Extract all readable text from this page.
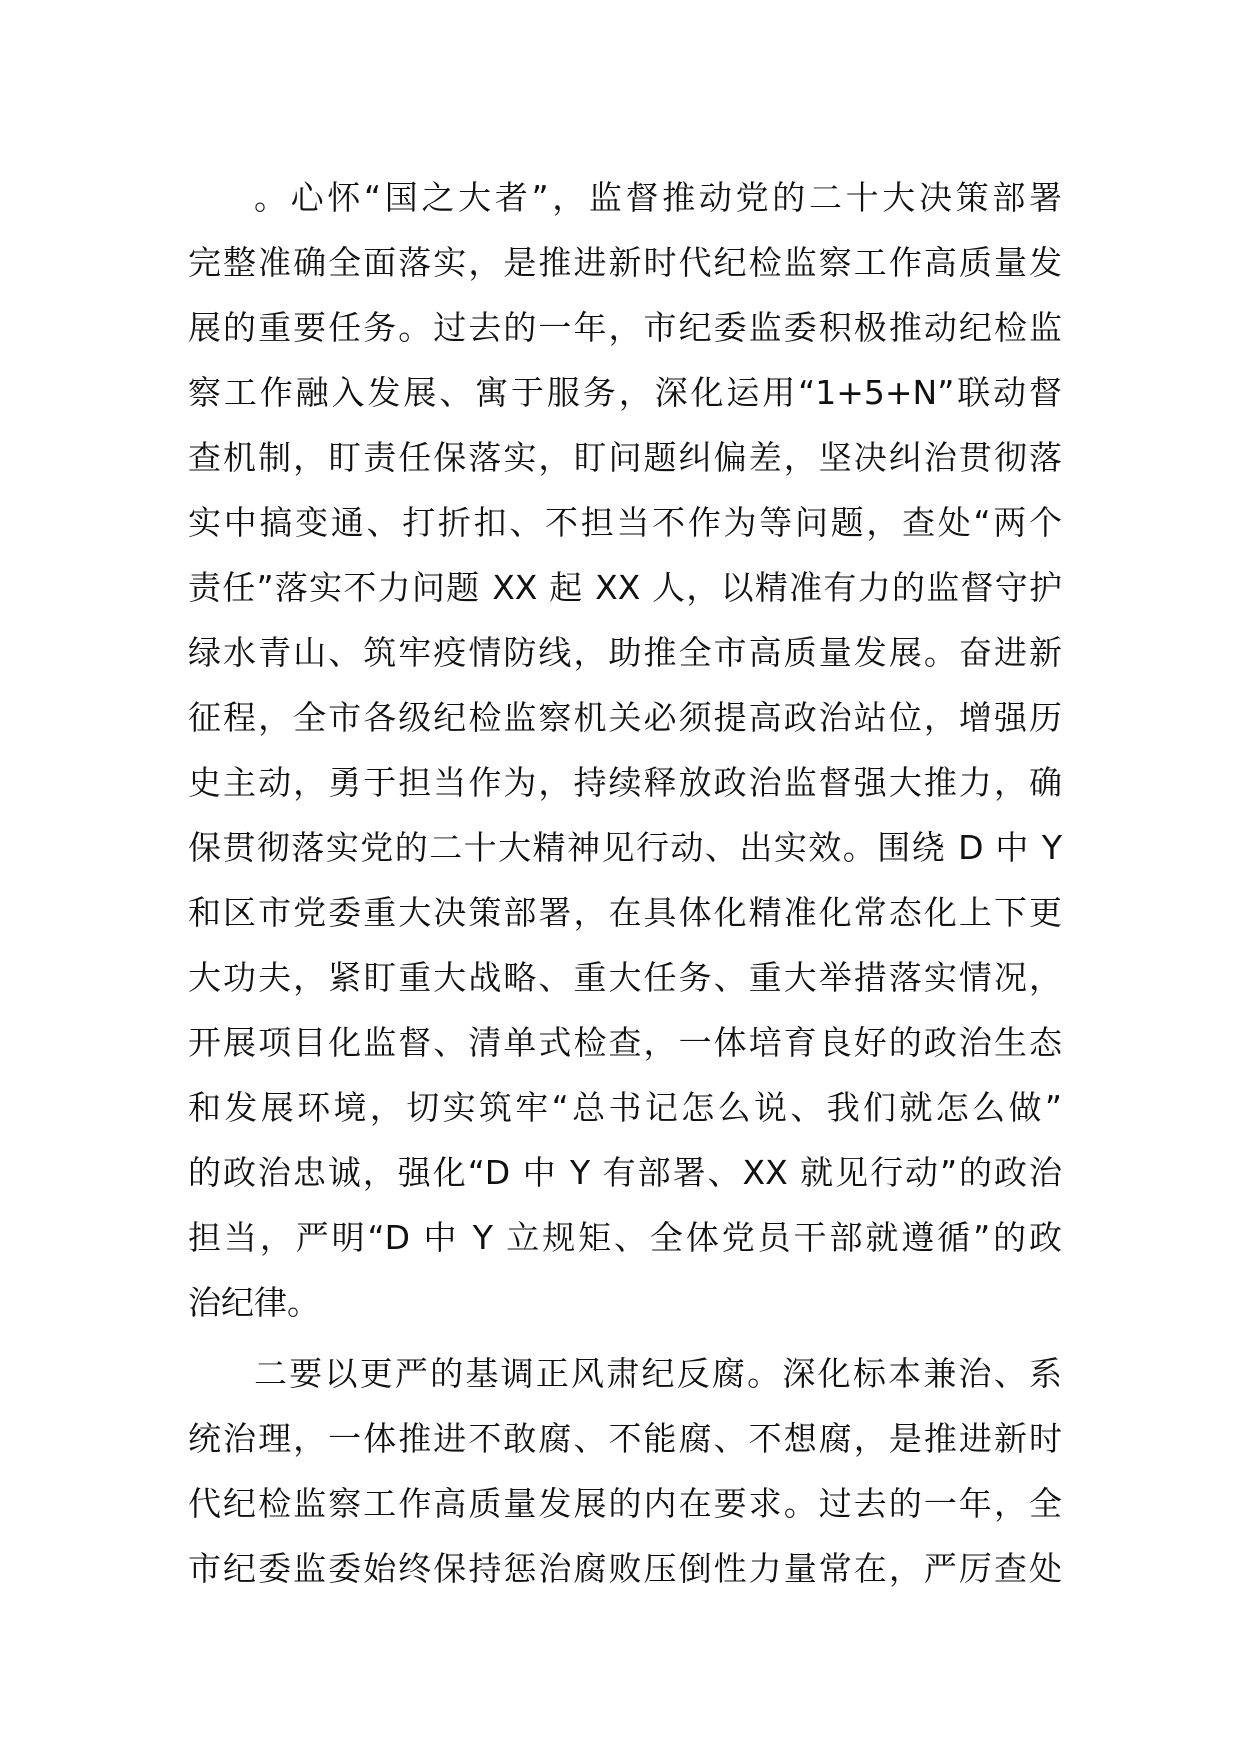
。心怀“国之大者”，监督推动党的二十大决策部署
完整准确全面落实，是推进新时代纪检监察工作高质量发
展的重要任务。过去的一年，市纪委监委积极推动纪检监
察工作融入发展、寓于服务，深化运用“1+5+N”联动督
查机制，盯责任保落实，盯问题纠偏差，坚决纠治贯彻落
实中搞变通、打折扣、不担当不作为等问题，查处“两个
责任”落实不力问题 XX 起 XX 人，以精准有力的监督守护
绿水青山、筑牢疫情防线，助推全市高质量发展。奋进新
征程，全市各级纪检监察机关必须提高政治站位，增强历
史主动，勇于担当作为，持续释放政治监督强大推力，确
保贯彻落实党的二十大精神见行动、出实效。围绕 D 中 Y
和区市党委重大决策部署，在具体化精准化常态化上下更
大功夫，紧盯重大战略、重大任务、重大举措落实情况，
开展项目化监督、清单式检查，一体培育良好的政治生态
和发展环境，切实筑牢“总书记怎么说、我们就怎么做”
的政治忠诚，强化“D 中 Y 有部署、XX 就见行动”的政治
担当，严明“D 中 Y 立规矩、全体党员干部就遵循”的政
治纪律。
二要以更严的基调正风肃纪反腐。深化标本兼治、系
统治理，一体推进不敢腐、不能腐、不想腐，是推进新时
代纪检监察工作高质量发展的内在要求。过去的一年，全
市纪委监委始终保持惩治腐败压倒性力量常在，严厉查处
